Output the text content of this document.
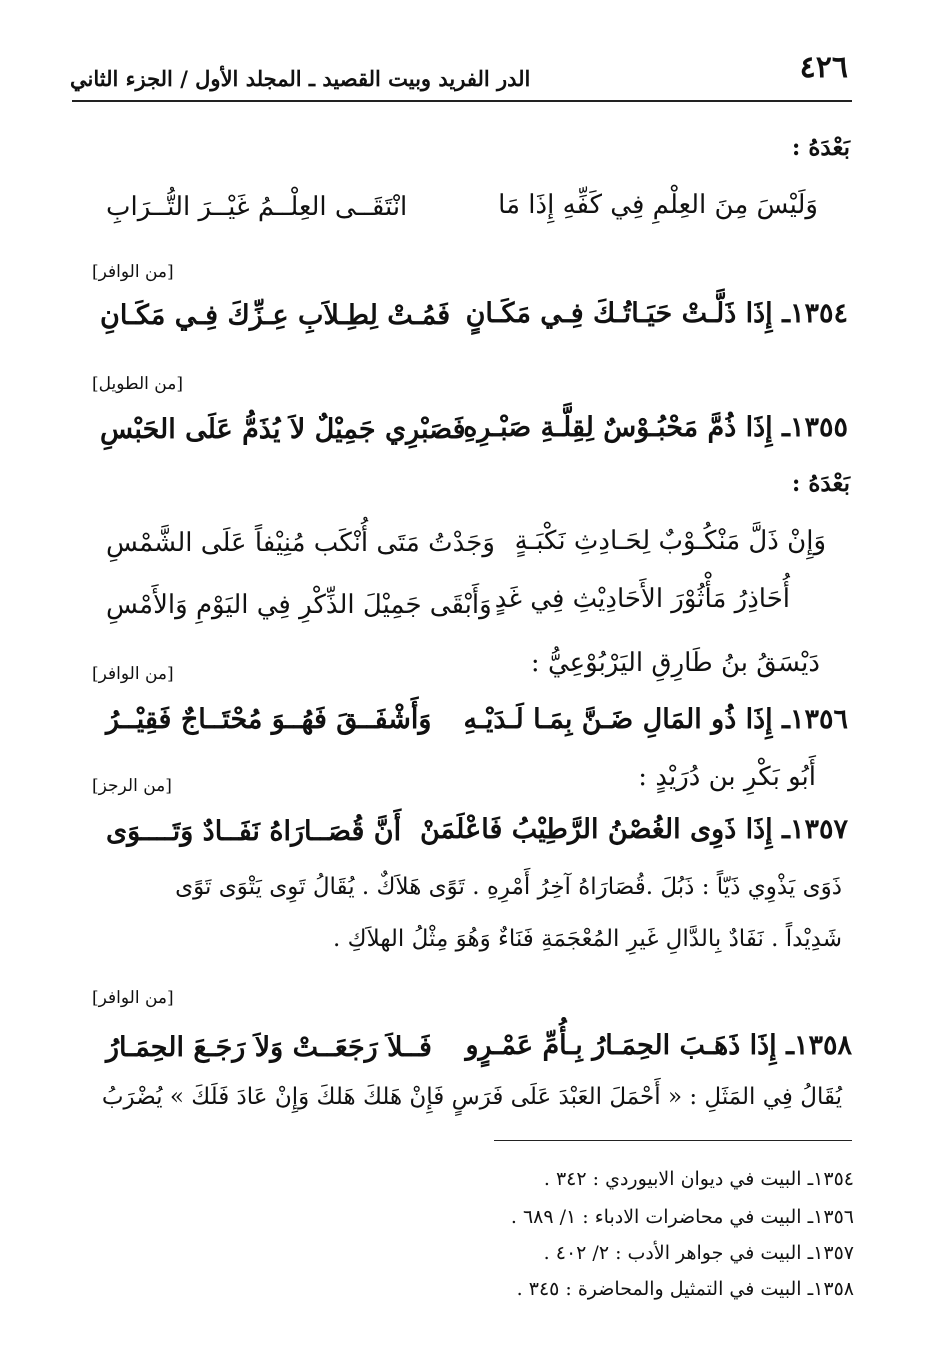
٤٢٦
الدر الفريد وبيت القصيد ـ المجلد الأول / الجزء الثاني
بَعْدَهُ :
وَلَيْسَ مِنَ العِلْمِ فِي كَفِّهِ إِذَا مَا
انْتَقَــى العِلْــمُ غَيْــرَ التُّــرَابِ
[من الوافر]
١٣٥٤ـ إِذَا ذَلَّـتْ حَيَـاتُـكَ فِـي مَكَـانٍ
فَمُـتْ لِطِـلاَبِ عِـزِّكَ فِـي مَكَـانِ
[من الطويل]
١٣٥٥ـ إِذَا ذُمَّ مَحْبُـوْسٌ لِقِلَّـةِ صَبْـرِهِ
فَصَبْرِي جَمِيْلٌ لاَ يُذَمُّ عَلَى الحَبْسِ
بَعْدَهُ :
وَإِنْ ذَلَّ مَنْكُـوْبٌ لِحَـادِثِ نَكْبَـةٍ
وَجَدْتُ مَتَى أُنْكَب مُنِيْفاً عَلَى الشَّمْسِ
أُحَاذِرُ مَأْثُوْرَ الأَحَادِيْثِ فِي غَدٍ
وَأَبْقَى جَمِيْلَ الذِّكْرِ فِي اليَوْمِ وَالأَمْسِ
دَيْسَقُ بنُ طَارِقِ اليَرْبُوْعِيُّ :
[من الوافر]
١٣٥٦ـ إِذَا ذُو المَالِ ضَـنَّ بِمَـا لَـدَيْـهِ
وَأَشْفَــقَ فَهُــوَ مُحْتَــاجٌ فَقِيْــرُ
أَبُو بَكْرِ بن دُرَيْدٍ :
[من الرجز]
١٣٥٧ـ إِذَا ذَوِى الغُصْنُ الرَّطِيْبُ فَاعْلَمَنْ
أَنَّ قُصَــارَاهُ نَفَــادٌ وَتَــــوَى
ذَوَى يَذْوِي ذَيّاً : ذَبُلَ .قُصَارَاهُ آخِرُ أَمْرِهِ . تَوًى هَلاَكٌ . يُقَالُ تَوِى يَتْوَى تَوًى
شَدِيْداً . نَفَادٌ بِالدَّالِ غَيرِ المُعْجَمَةِ فَنَاءٌ وَهُوَ مِثْلُ الهلاَكِ .
[من الوافر]
١٣٥٨ـ إِذَا ذَهَـبَ الحِمَـارُ بِـأُمِّ عَمْـرٍو
فَــلاَ رَجَعَــتْ وَلاَ رَجَـعَ الحِمَـارُ
يُقَالُ فِي المَثَلِ : « أَحْمَلَ العَبْدَ عَلَى فَرَسٍ فَإِنْ هَلكَ هَلكَ وَإِنْ عَادَ فَلَكَ » يُضْرَبُ
١٣٥٤ـ البيت في ديوان الابيوردي : ٣٤٢ .
١٣٥٦ـ البيت في محاضرات الادباء : ١/ ٦٨٩ .
١٣٥٧ـ البيت في جواهر الأدب : ٢/ ٤٠٢ .
١٣٥٨ـ البيت في التمثيل والمحاضرة : ٣٤٥ .
